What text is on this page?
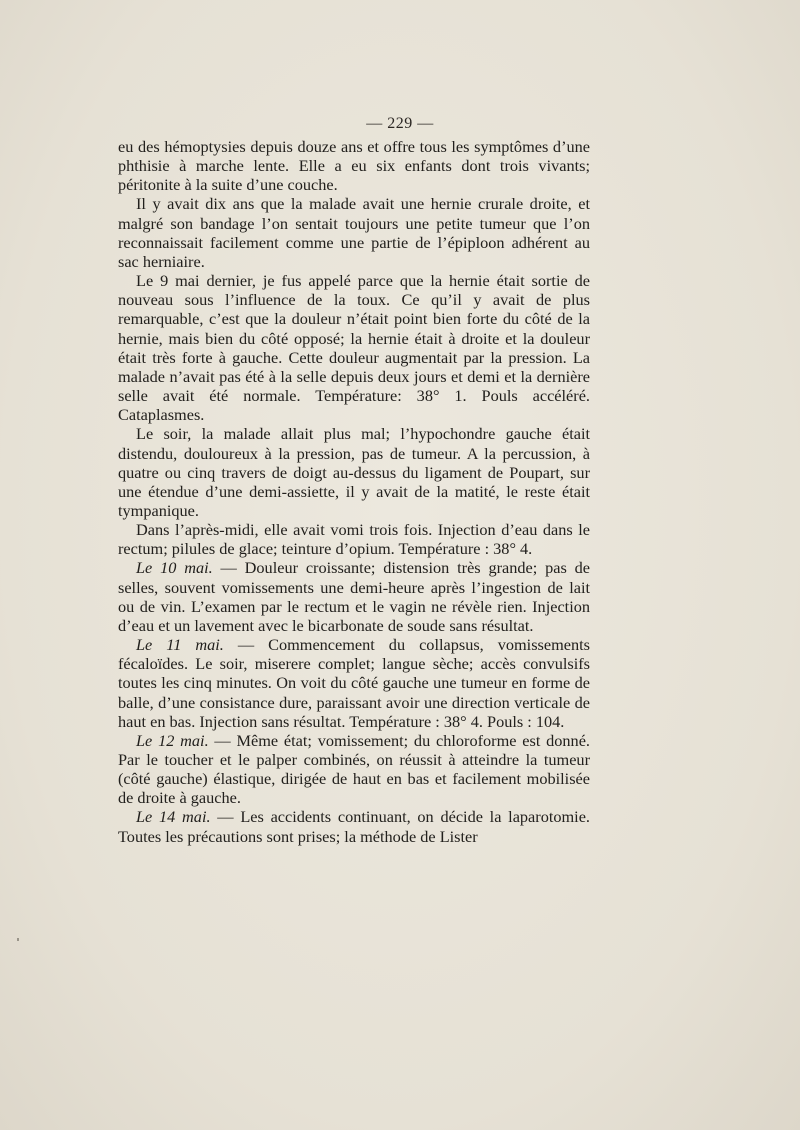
— 229 —

eu des hémoptysies depuis douze ans et offre tous les symptômes d’une phthisie à marche lente. Elle a eu six enfants dont trois vivants; péritonite à la suite d’une couche.

Il y avait dix ans que la malade avait une hernie crurale droite, et malgré son bandage l’on sentait toujours une petite tumeur que l’on reconnaissait facilement comme une partie de l’épiploon adhérent au sac herniaire.

Le 9 mai dernier, je fus appelé parce que la hernie était sortie de nouveau sous l’influence de la toux. Ce qu’il y avait de plus remarquable, c’est que la douleur n’était point bien forte du côté de la hernie, mais bien du côté opposé; la hernie était à droite et la douleur était très forte à gauche. Cette douleur augmentait par la pression. La malade n’avait pas été à la selle depuis deux jours et demi et la dernière selle avait été normale. Température: 38° 1. Pouls accéléré. Cataplasmes.

Le soir, la malade allait plus mal; l’hypochondre gauche était distendu, douloureux à la pression, pas de tumeur. A la percussion, à quatre ou cinq travers de doigt au-dessus du ligament de Poupart, sur une étendue d’une demi-assiette, il y avait de la matité, le reste était tympanique.

Dans l’après-midi, elle avait vomi trois fois. Injection d’eau dans le rectum; pilules de glace; teinture d’opium. Température : 38° 4.

Le 10 mai. — Douleur croissante; distension très grande; pas de selles, souvent vomissements une demi-heure après l’ingestion de lait ou de vin. L’examen par le rectum et le vagin ne révèle rien. Injection d’eau et un lavement avec le bicarbonate de soude sans résultat.

Le 11 mai. — Commencement du collapsus, vomissements fécaloïdes. Le soir, miserere complet; langue sèche; accès convulsifs toutes les cinq minutes. On voit du côté gauche une tumeur en forme de balle, d’une consistance dure, paraissant avoir une direction verticale de haut en bas. Injection sans résultat. Température : 38° 4. Pouls : 104.

Le 12 mai. — Même état; vomissement; du chloroforme est donné. Par le toucher et le palper combinés, on réussit à atteindre la tumeur (côté gauche) élastique, dirigée de haut en bas et facilement mobilisée de droite à gauche.

Le 14 mai. — Les accidents continuant, on décide la laparotomie. Toutes les précautions sont prises; la méthode de Lister
